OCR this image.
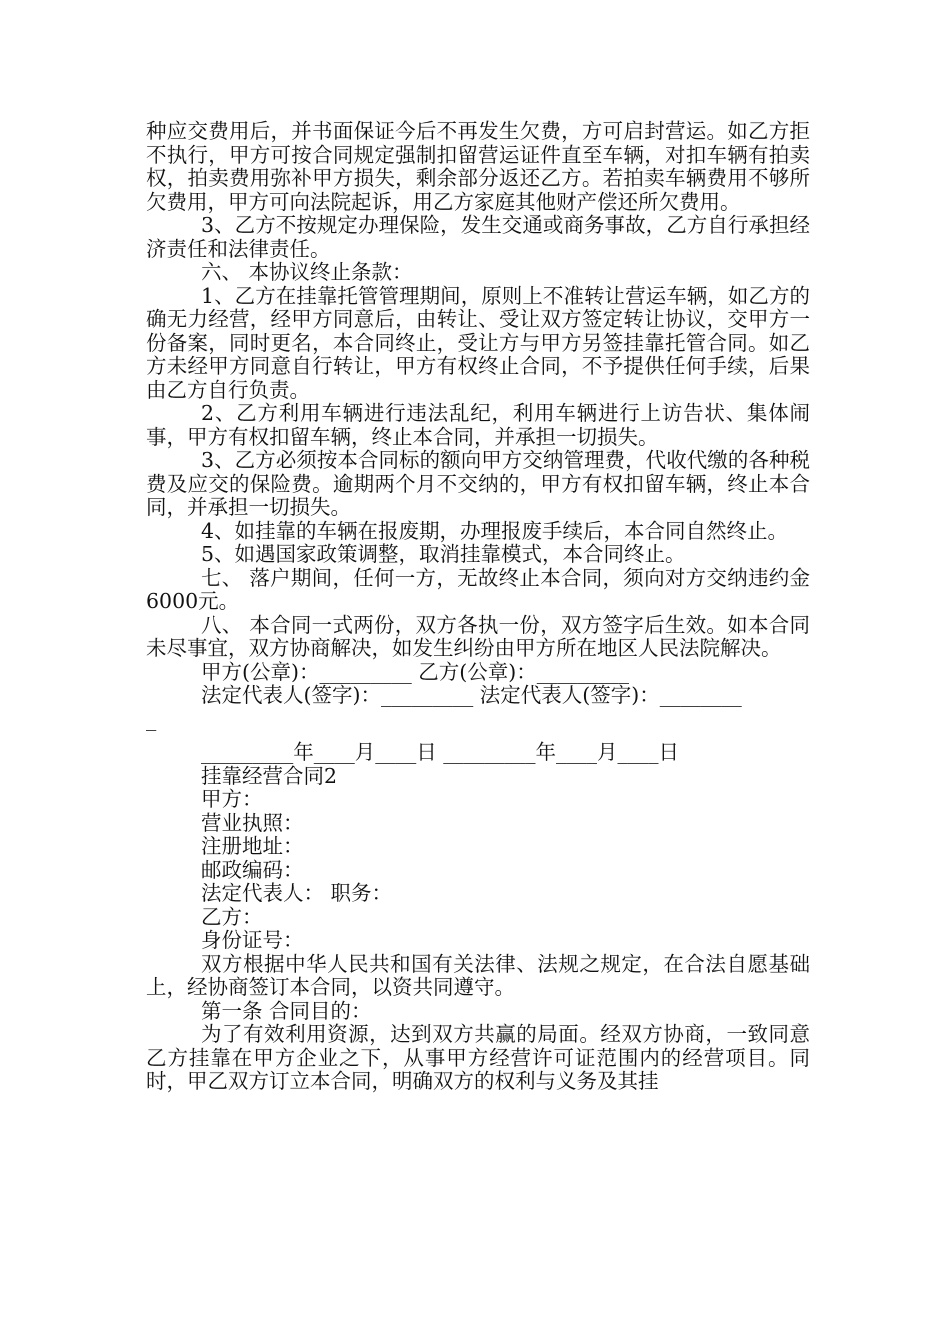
种应交费用后，并书面保证今后不再发生欠费，方可启封营运。如乙方拒不执行，甲方可按合同规定强制扣留营运证件直至车辆，对扣车辆有拍卖权，拍卖费用弥补甲方损失，剩余部分返还乙方。若拍卖车辆费用不够所欠费用，甲方可向法院起诉，用乙方家庭其他财产偿还所欠费用。

3、乙方不按规定办理保险，发生交通或商务事故，乙方自行承担经济责任和法律责任。

六、 本协议终止条款：

1、乙方在挂靠托管管理期间，原则上不准转让营运车辆，如乙方的确无力经营，经甲方同意后，由转让、受让双方签定转让协议，交甲方一份备案，同时更名，本合同终止，受让方与甲方另签挂靠托管合同。如乙方未经甲方同意自行转让，甲方有权终止合同，不予提供任何手续，后果由乙方自行负责。

2、乙方利用车辆进行违法乱纪，利用车辆进行上访告状、集体闹事，甲方有权扣留车辆，终止本合同，并承担一切损失。

3、乙方必须按本合同标的额向甲方交纳管理费，代收代缴的各种税费及应交的保险费。逾期两个月不交纳的，甲方有权扣留车辆，终止本合同，并承担一切损失。

4、如挂靠的车辆在报废期，办理报废手续后，本合同自然终止。

5、如遇国家政策调整，取消挂靠模式，本合同终止。

七、 落户期间，任何一方，无故终止本合同，须向对方交纳违约金6000元。

八、 本合同一式两份，双方各执一份，双方签字后生效。如本合同未尽事宜，双方协商解决，如发生纠纷由甲方所在地区人民法院解决。

甲方(公章)：_________ 乙方(公章)：_________

法定代表人(签字)：_________ 法定代表人(签字)：________

_

_________年____月____日 _________年____月____日

挂靠经营合同2

甲方：

营业执照：

注册地址：

邮政编码：

法定代表人： 职务：

乙方：

身份证号：

双方根据中华人民共和国有关法律、法规之规定，在合法自愿基础上，经协商签订本合同，以资共同遵守。

第一条 合同目的：

为了有效利用资源，达到双方共赢的局面。经双方协商，一致同意乙方挂靠在甲方企业之下，从事甲方经营许可证范围内的经营项目。同时，甲乙双方订立本合同，明确双方的权利与义务及其挂
